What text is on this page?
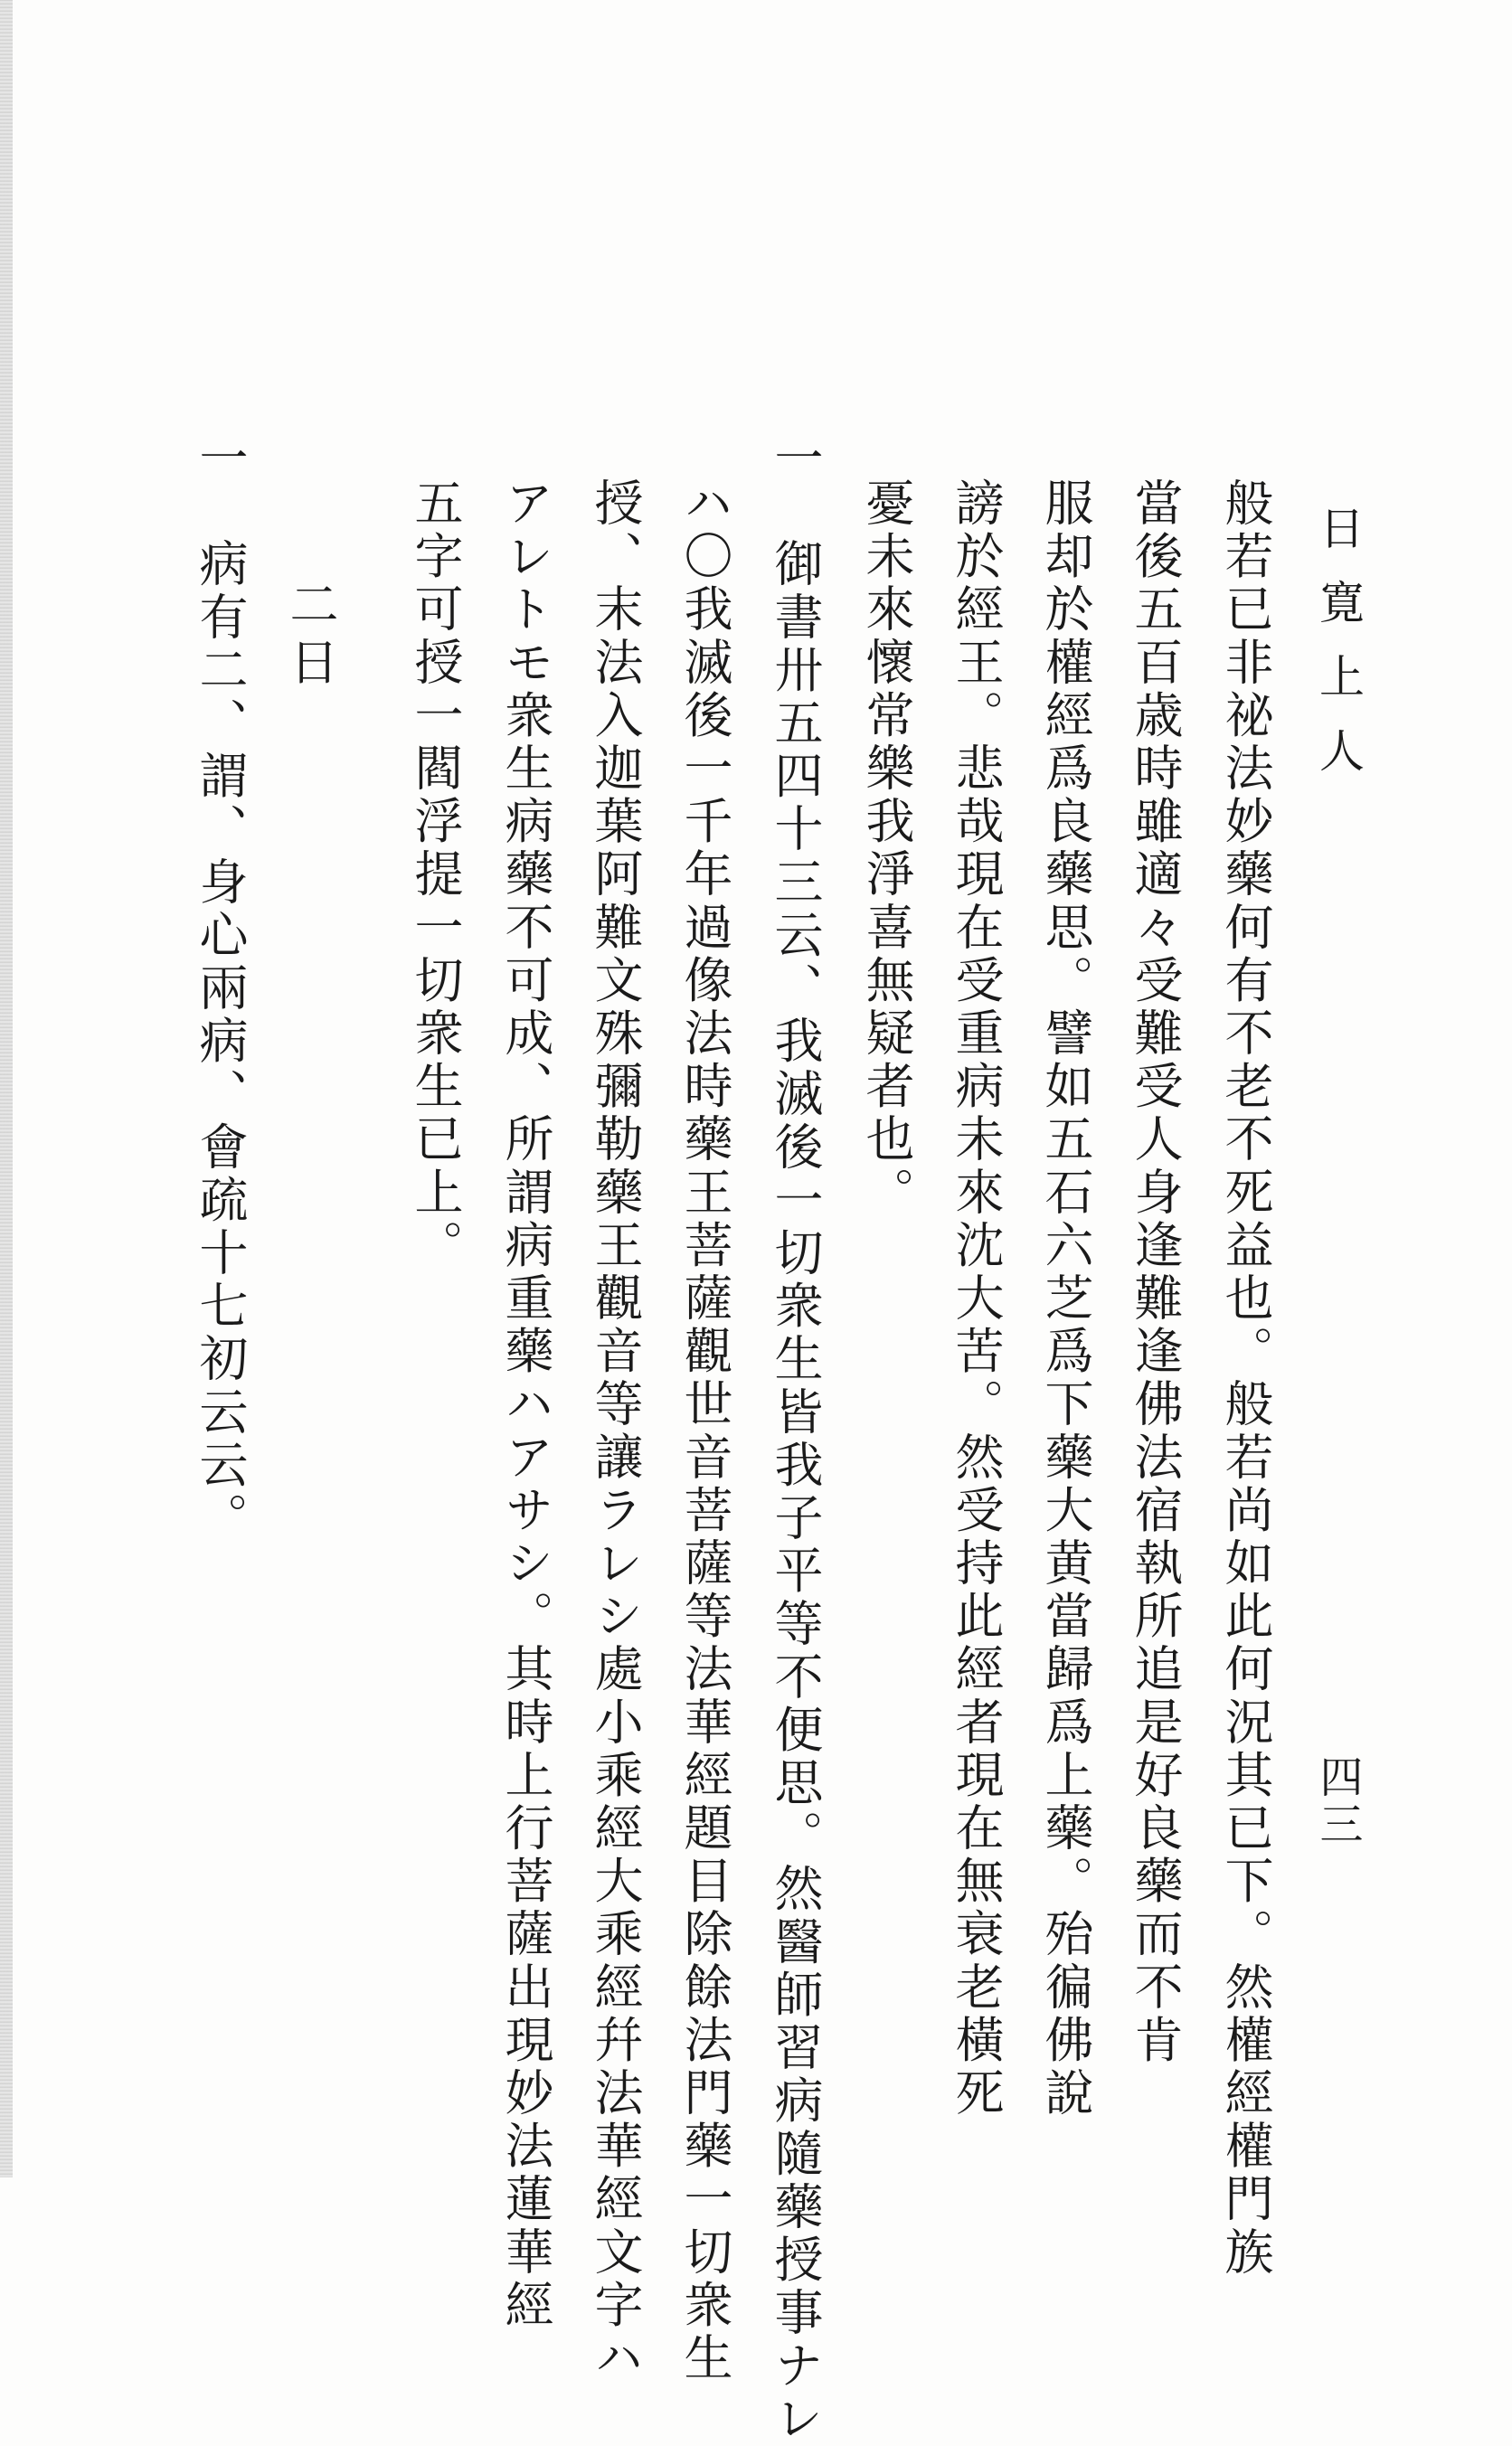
日寛上人
四三
般若已非祕法妙藥何有不老不死益也。般若尚如此何況其已下。然權經權門族
當後五百歳時雖適々受難受人身逢難逢佛法宿執所追是好良藥而不肯
服却於權經爲良藥思。譬如五石六芝爲下藥大黄當歸爲上藥。殆徧佛說
謗於經王。悲哉現在受重病未來沈大苦。然受持此經者現在無衰老橫死
憂未來懷常樂我淨喜無疑者也。
一　御書卅五四十三云、我滅後一切衆生皆我子平等不便思。然醫師習病隨藥授事ナレ
ハ〇我滅後一千年過像法時藥王菩薩觀世音菩薩等法華經題目除餘法門藥一切衆生
授、末法入迦葉阿難文殊彌勒藥王觀音等讓ラレシ處小乘經大乘經幷法華經文字ハ
アレトモ衆生病藥不可成、所謂病重藥ハアサシ。其時上行菩薩出現妙法蓮華經
五字可授一閻浮提一切衆生已上。
二日
一　病有二、謂、身心兩病、會疏十七初云云。
